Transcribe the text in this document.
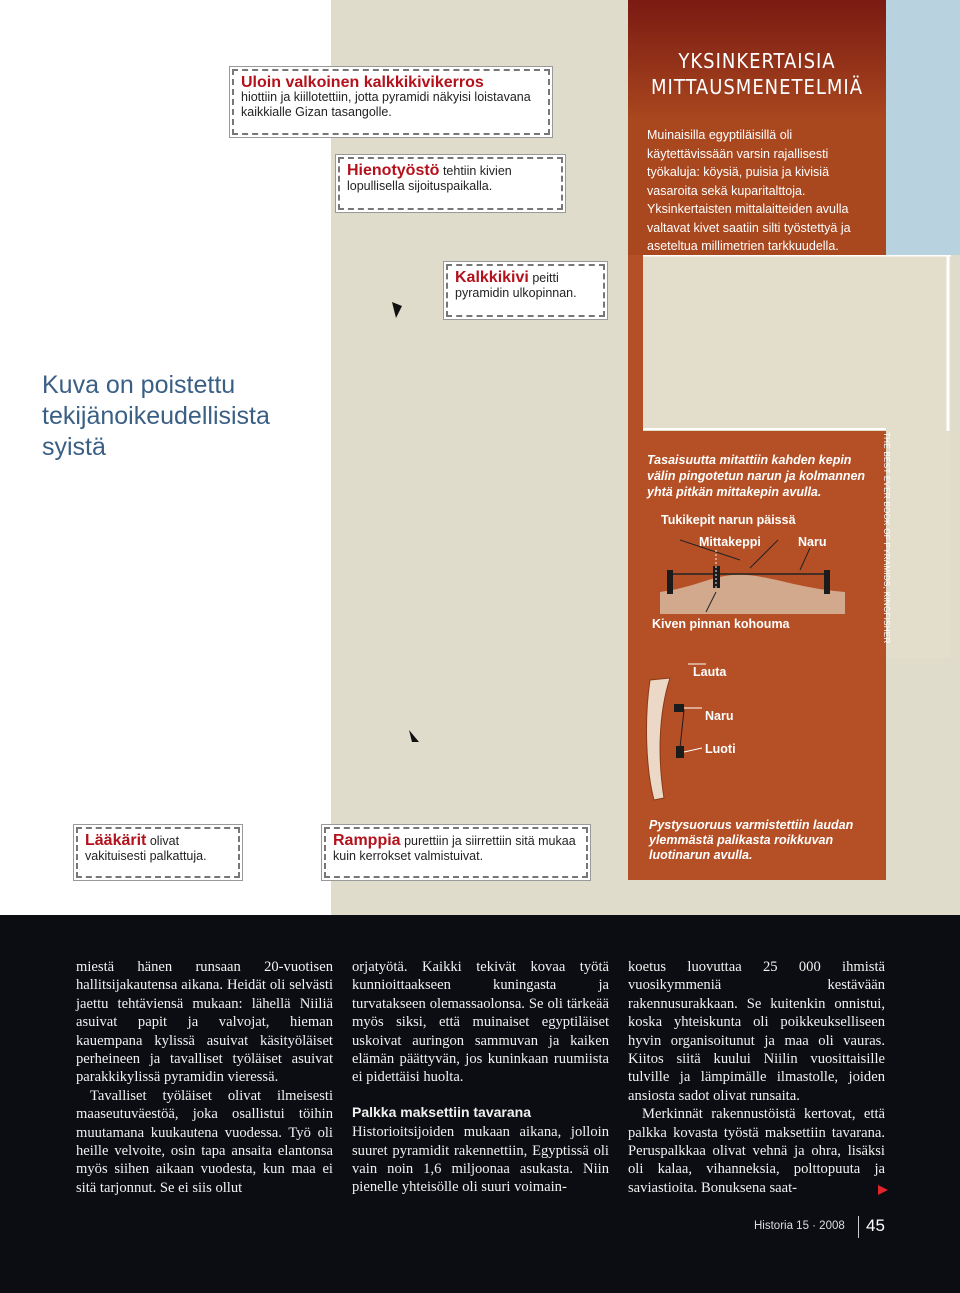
Uloin valkoinen kalkkikivikerros
hiottiin ja kiillotettiin, jotta pyramidi näkyisi loistavana kaikkialle Gizan tasangolle.
Hienotyöstö tehtiin kivien lopullisella sijoituspaikalla.
Kalkkikivi peitti pyramidin ulkopinnan.
Lääkärit olivat vakituisesti palkattuja.
Ramppia purettiin ja siirrettiin sitä mukaa kuin kerrokset valmistuivat.
Kuva on poistettu tekijänoikeudellisista syistä
YKSINKERTAISIA MITTAUSMENETELMIÄ
Muinaisilla egyptiläisillä oli käytettävissään varsin rajallisesti työkaluja: köysiä, puisia ja kivisiä vasaroita sekä kuparitalttoja. Yksinkertaisten mittalaitteiden avulla valtavat kivet saatiin silti työstettyä ja aseteltua millimetrien tarkkuudella.
Tasaisuutta mitattiin kahden kepin välin pingotetun narun ja kolmannen yhtä pitkän mittakepin avulla.
Tukikepit narun päissä
Mittakeppi	Naru
Kiven pinnan kohouma	THE BEST EVER BOOK OF PYRAMIDS, KINGFISHER
Lauta
Naru
Luoti
Pystysuoruus varmistettiin laudan ylemmästä palikasta roikkuvan luotinarun avulla.

miestä hänen runsaan 20-vuotisen hallitsijakautensa aikana. Heidät oli selvästi jaettu tehtäviensä mukaan: lähellä Niiliä asuivat papit ja valvojat, hieman kauempana kylissä asuivat käsityöläiset perheineen ja tavalliset työläiset asuivat parakkikylissä pyramidin vieressä.

Tavalliset työläiset olivat ilmeisesti maaseutuväestöä, joka osallistui töihin muutamana kuukautena vuodessa. Työ oli heille velvoite, osin tapa ansaita elantonsa myös siihen aikaan vuodesta, kun maa ei sitä tarjonnut. Se ei siis ollut

orjatyötä. Kaikki tekivät kovaa työtä kunnioittaakseen kuningasta ja turvatakseen olemassaolonsa. Se oli tärkeää myös siksi, että muinaiset egyptiläiset uskoivat auringon sammuvan ja kaiken elämän päättyvän, jos kuninkaan ruumiista ei pidettäisi huolta.

Palkka maksettiin tavarana

Historioitsijoiden mukaan aikana, jolloin suuret pyramidit rakennettiin, Egyptissä oli vain noin 1,6 miljoonaa asukasta. Niin pienelle yhteisölle oli suuri voimain-

koetus luovuttaa 25 000 ihmistä vuosikymmeniä kestävään rakennusurakkaan. Se kuitenkin onnistui, koska yhteiskunta oli poikkeukselliseen hyvin organisoitunut ja maa oli vauras. Kiitos siitä kuului Niilin vuosittaisille tulville ja lämpimälle ilmastolle, joiden ansiosta sadot olivat runsaita.

Merkinnät rakennustöistä kertovat, että palkka kovasta työstä maksettiin tavarana. Peruspalkkaa olivat vehnä ja ohra, lisäksi oli kalaa, vihanneksia, polttopuuta ja saviastioita. Bonuksena saat-

Historia 15 · 2008 45
